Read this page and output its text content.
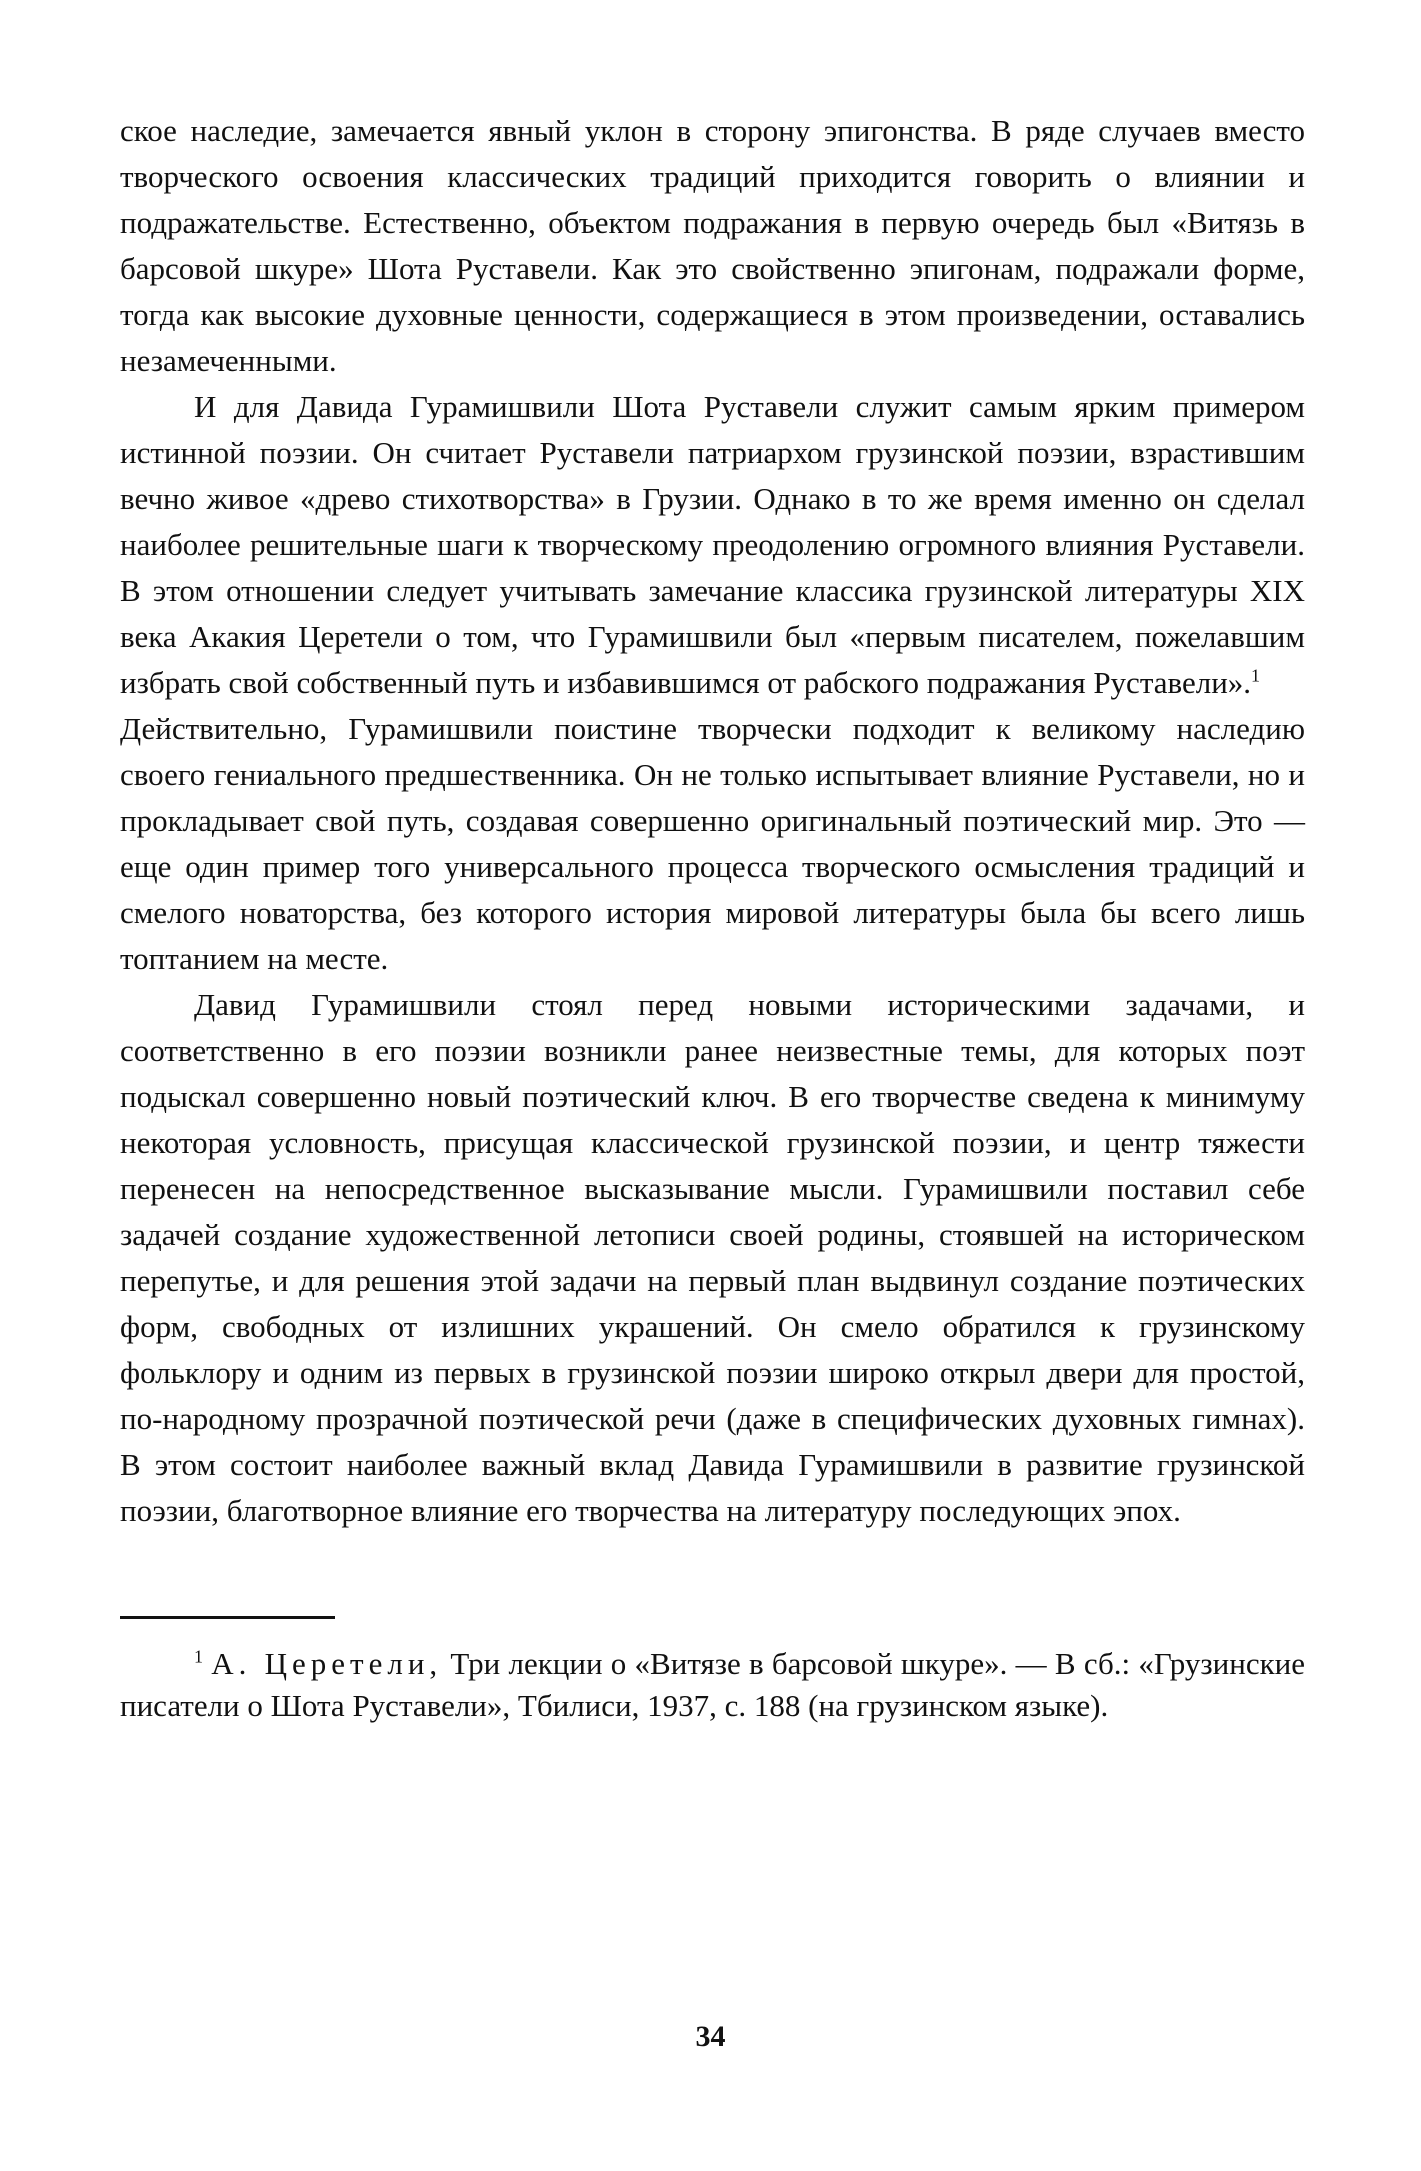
ское наследие, замечается явный уклон в сторону эпигонства. В ряде случаев вместо творческого освоения классических традиций приходится говорить о влиянии и подражательстве. Естественно, объектом подражания в первую очередь был «Витязь в барсовой шкуре» Шота Руставели. Как это свойственно эпигонам, подражали форме, тогда как высокие духовные ценности, содержащиеся в этом произведении, оставались незамеченными.

И для Давида Гурамишвили Шота Руставели служит самым ярким примером истинной поэзии. Он считает Руставели патриархом грузинской поэзии, взрастившим вечно живое «древо стихотворства» в Грузии. Однако в то же время именно он сделал наиболее решительные шаги к творческому преодолению огромного влияния Руставели. В этом отношении следует учитывать замечание классика грузинской литературы XIX века Акакия Церетели о том, что Гурамишвили был «первым писателем, пожелавшим избрать свой собственный путь и избавившимся от рабского подражания Руставели».$^1$

Действительно, Гурамишвили поистине творчески подходит к великому наследию своего гениального предшественника. Он не только испытывает влияние Руставели, но и прокладывает свой путь, создавая совершенно оригинальный поэтический мир. Это — еще один пример того универсального процесса творческого осмысления традиций и смелого новаторства, без которого история мировой литературы была бы всего лишь топтанием на месте.

Давид Гурамишвили стоял перед новыми историческими задачами, и соответственно в его поэзии возникли ранее неизвестные темы, для которых поэт подыскал совершенно новый поэтический ключ. В его творчестве сведена к минимуму некоторая условность, присущая классической грузинской поэзии, и центр тяжести перенесен на непосредственное высказывание мысли. Гурамишвили поставил себе задачей создание художественной летописи своей родины, стоявшей на историческом перепутье, и для решения этой задачи на первый план выдвинул создание поэтических форм, свободных от излишних украшений. Он смело обратился к грузинскому фольклору и одним из первых в грузинской поэзии широко открыл двери для простой, по-народному прозрачной поэтической речи (даже в специфических духовных гимнах). В этом состоит наиболее важный вклад Давида Гурамишвили в развитие грузинской поэзии, благотворное влияние его творчества на литературу последующих эпох.

$^1$ А. Церетели, Три лекции о «Витязе в барсовой шкуре». — В сб.: «Грузинские писатели о Шота Руставели», Тбилиси, 1937, с. 188 (на грузинском языке).

34
